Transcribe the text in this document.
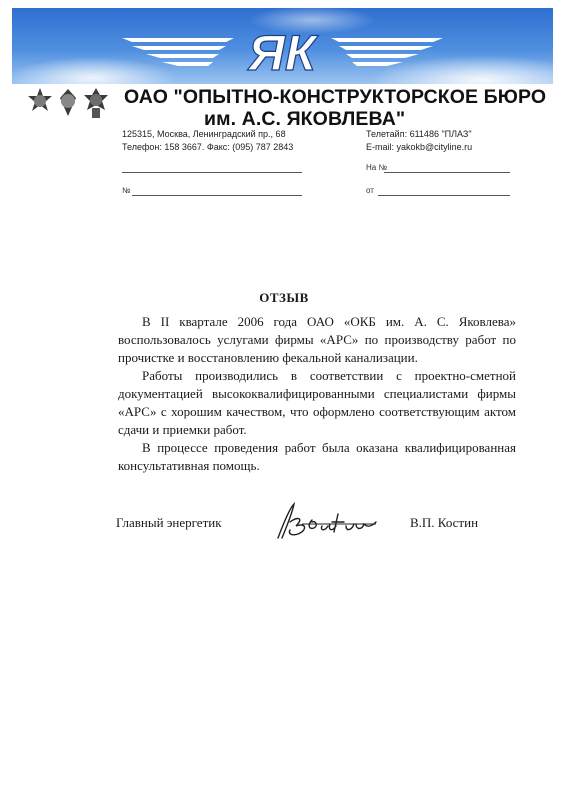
ЯК
ОАО "ОПЫТНО-КОНСТРУКТОРСКОЕ БЮРО
им. А.С. ЯКОВЛЕВА"
125315, Москва, Ленинградский пр., 68
Телефон: 158 3667. Факс: (095) 787 2843
Телетайп: 611486 "ПЛАЗ"
E-mail: yakokb@cityline.ru
На №
№	от
ОТЗЫВ

В II квартале 2006 года ОАО «ОКБ им. А. С. Яковлева» воспользовалось услугами фирмы «АРС» по производству работ по прочистке и восстановлению фекальной канализации.

Работы производились в соответствии с проектно-сметной документацией высококвалифицированными специалистами фирмы «АРС» с хорошим качеством, что оформлено соответствующим актом сдачи и приемки работ.

В процессе проведения работ была оказана квалифицированная консультативная помощь.

Главный энергетик	В.П. Костин
